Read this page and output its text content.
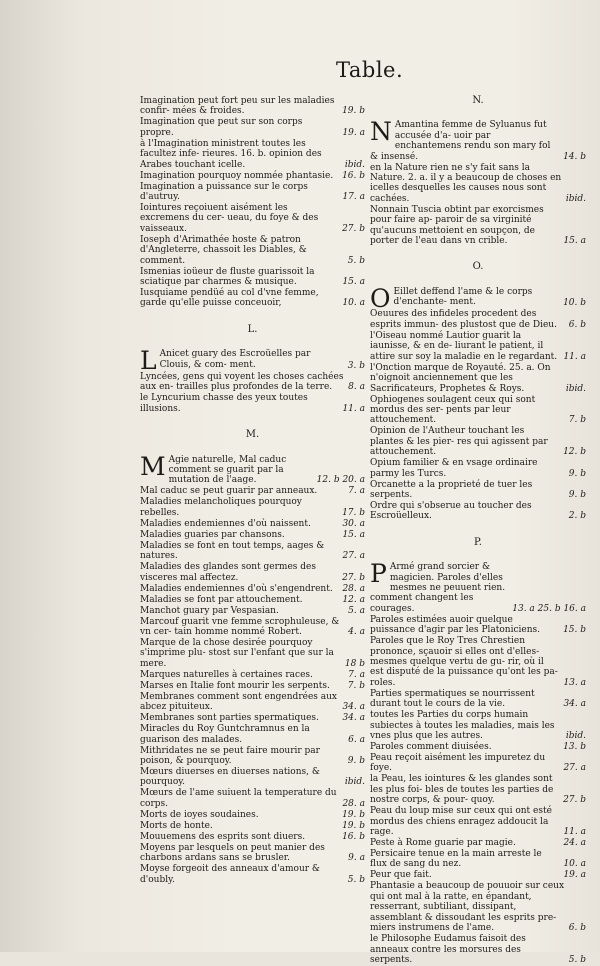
Table.
Imagination peut fort peu sur les maladies confir- mées & froides.	19. b
Imagination que peut sur son corps propre.	19. a
à l'Imagination ministrent toutes les facultez infe- rieures. 16. b. opinion des Arabes touchant icelle.	ibid.
Imagination pourquoy nommée phantasie. 16. b
Imagination a puissance sur le corps d'autruy.	17. a
Iointures reçoiuent aisément les excremens du cer- ueau, du foye & des vaisseaux.	27. b
Ioseph d'Arimathée hoste & patron d'Angleterre, chassoit les Diables, & comment.	5. b
Ismenias ioüeur de fluste guarissoit la sciatique par charmes & musique.	15. a
Iusquiame pendüé au col d'vne femme, garde qu'elle puisse conceuoir,	10. a
L.
L Anicet guary des Escroüelles par Clouis, & com- ment.	3. b
Lyncées, gens qui voyent les choses cachées aux en- trailles plus profondes de la terre.	8. a
le Lyncurium chasse des yeux toutes illusions.	11. a
M.
M Agie naturelle, Mal caduc comment se guarit par la mutation de l'aage.	12. b 20. a
Mal caduc se peut guarir par anneaux.	7. a
Maladies melancholiques pourquoy rebelles.	17. b
Maladies endemiennes d'où naissent.	30. a
Maladies guaries par chansons.	15. a
Maladies se font en tout temps, aages & natures.	27. a
Maladies des glandes sont germes des visceres mal affectez.	27. b
Maladies endemiennes d'où s'engendrent.	28. a
Maladies se font par attouchement.	12. a
Manchot guary par Vespasian.	5. a
Marcouf guarit vne femme scrophuleuse, & vn cer- tain homme nommé Robert.	4. a
Marque de la chose desirée pourquoy s'imprime plu- stost sur l'enfant que sur la mere.	18 b
Marques naturelles à certaines races.	7. a
Marses en Italie font mourir les serpents.	7. b
Membranes comment sont engendrées aux abcez pituiteux.	34. a
Membranes sont parties spermatiques.	34. a
Miracles du Roy Guntchramnus en la guarison des malades.	6. a
Mithridates ne se peut faire mourir par poison, & pourquoy.	9. b
Mœurs diuerses en diuerses nations, & pourquoy.	ibid.
Mœurs de l'ame suiuent la temperature du corps.	28. a
Morts de ioyes soudaines.	19. b
Morts de honte.	19. b
Mouuemens des esprits sont diuers.	16. b
Moyens par lesquels on peut manier des charbons ardans sans se brusler.	9. a
Moyse forgeoit des anneaux d'amour & d'oubly.	5. b
N.
N Amantina femme de Syluanus fut accusée d'a- uoir par enchantemens rendu son mary fol & insensé.	14. b
en la Nature rien ne s'y fait sans la Nature. 2. a. il y a beaucoup de choses en icelles desquelles les causes nous sont cachées.	ibid.
Nonnain Tuscia obtint par exorcismes pour faire ap- paroir de sa virginité qu'aucuns mettoient en soupçon, de porter de l'eau dans vn crible.	15. a
O.
O Eillet deffend l'ame & le corps d'enchante- ment.	10. b
Oeuures des infideles procedent des esprits immun- des plustost que de Dieu.	6. b
l'Oiseau nommé Lautior guarit la iaunisse, & en de- liurant le patient, il attire sur soy la maladie en le regardant. 11. a
l'Onction marque de Royauté. 25. a. On n'oignoit anciennement que les Sacrificateurs, Prophetes & Roys.	ibid.
Ophiogenes soulagent ceux qui sont mordus des ser- pents par leur attouchement.	7. b
Opinion de l'Autheur touchant les plantes & les pier- res qui agissent par attouchement.	12. b
Opium familier & en vsage ordinaire parmy les Turcs.	9. b
Orcanette a la proprieté de tuer les serpents.	9. b
Ordre qui s'obserue au toucher des Escroüelleux.	2. b
P.
P Armé grand sorcier & magicien. Paroles d'elles mesmes ne peuuent rien. comment changent les courages.	13. a 25. b 16. a
Paroles estimées auoir quelque puissance d'agir par les Platoniciens.	15. b
Paroles que le Roy Tres Chrestien prononce, sçauoir si elles ont d'elles-mesmes quelque vertu de gu- rir, où il est disputé de la puissance qu'ont les pa- roles.	13. a
Parties spermatiques se nourrissent durant tout le cours de la vie.	34. a
toutes les Parties du corps humain subiectes à toutes les maladies, mais les vnes plus que les autres.	ibid.
Paroles comment diuisées.	13. b
Peau reçoit aisément les impuretez du foye.	27. a
la Peau, les iointures & les glandes sont les plus foi- bles de toutes les parties de nostre corps, & pour- quoy.	27. b
Peau du loup mise sur ceux qui ont esté mordus des chiens enragez addoucit la rage.	11. a
Peste à Rome guarie par magie.	24. a
Persicaire tenue en la main arreste le flux de sang du nez.	10. a
Peur que fait.	19. a
Phantasie a beaucoup de pouuoir sur ceux qui ont mal à la ratte, en épandant, resserrant, subtiliant, dissipant, assemblant & dissoudant les esprits pre- miers instrumens de l'ame.	6. b
le Philosophe Eudamus faisoit des anneaux contre les morsures des serpents.	5. b
